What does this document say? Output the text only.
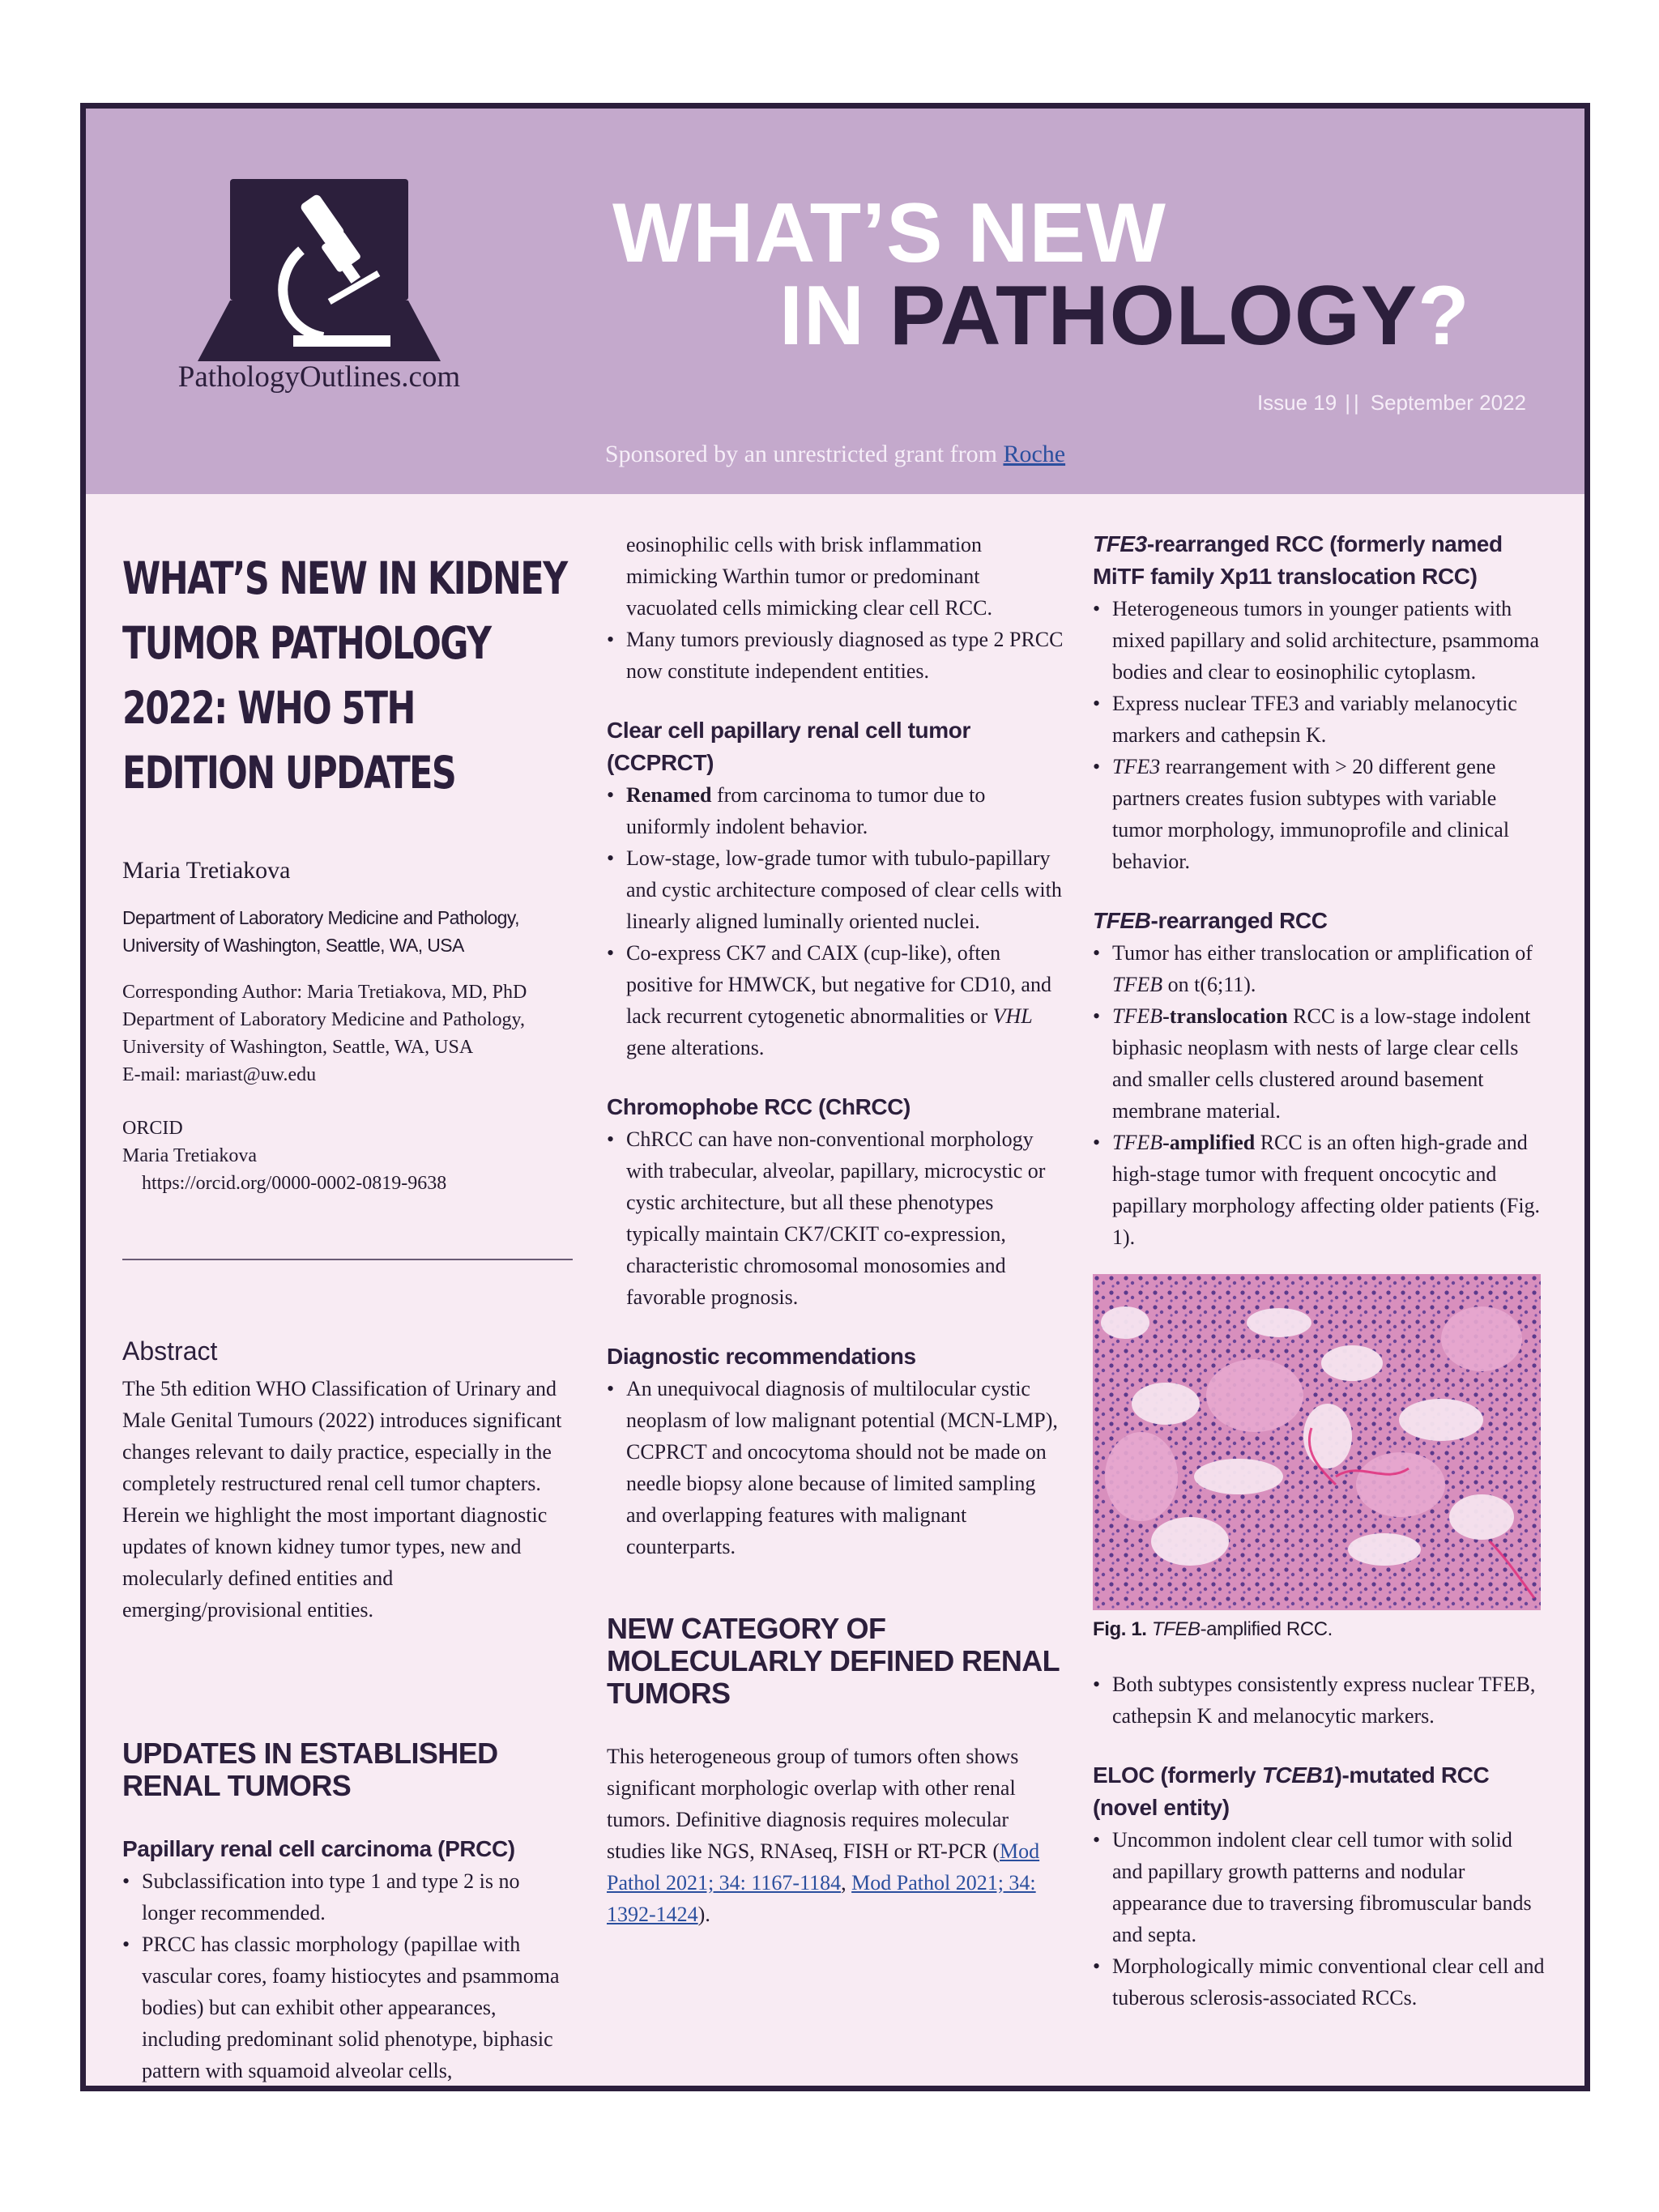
PathologyOutlines.com
WHAT’S NEW
IN PATHOLOGY?
Issue 19 || September 2022
Sponsored by an unrestricted grant from Roche
WHAT’S NEW IN KIDNEY TUMOR PATHOLOGY 2022: WHO 5TH EDITION UPDATES
Maria Tretiakova
Department of Laboratory Medicine and Pathology,
University of Washington, Seattle, WA, USA
Corresponding Author: Maria Tretiakova, MD, PhD
Department of Laboratory Medicine and Pathology,
University of Washington, Seattle, WA, USA
E-mail: mariast@uw.edu
ORCID
Maria Tretiakova
https://orcid.org/0000-0002-0819-9638
Abstract
The 5th edition WHO Classification of Urinary and Male Genital Tumours (2022) introduces significant changes relevant to daily practice, especially in the completely restructured renal cell tumor chapters. Herein we highlight the most important diagnostic updates of known kidney tumor types, new and molecularly defined entities and emerging/provisional entities.
UPDATES IN ESTABLISHED RENAL TUMORS
Papillary renal cell carcinoma (PRCC)
• Subclassification into type 1 and type 2 is no longer recommended.
• PRCC has classic morphology (papillae with vascular cores, foamy histiocytes and psammoma bodies) but can exhibit other appearances, including predominant solid phenotype, biphasic pattern with squamoid alveolar cells,
eosinophilic cells with brisk inflammation mimicking Warthin tumor or predominant vacuolated cells mimicking clear cell RCC.
• Many tumors previously diagnosed as type 2 PRCC now constitute independent entities.
Clear cell papillary renal cell tumor (CCPRCT)
• Renamed from carcinoma to tumor due to uniformly indolent behavior.
• Low-stage, low-grade tumor with tubulo-papillary and cystic architecture composed of clear cells with linearly aligned luminally oriented nuclei.
• Co-express CK7 and CAIX (cup-like), often positive for HMWCK, but negative for CD10, and lack recurrent cytogenetic abnormalities or VHL gene alterations.
Chromophobe RCC (ChRCC)
• ChRCC can have non-conventional morphology with trabecular, alveolar, papillary, microcystic or cystic architecture, but all these phenotypes typically maintain CK7/CKIT co-expression, characteristic chromosomal monosomies and favorable prognosis.
Diagnostic recommendations
• An unequivocal diagnosis of multilocular cystic neoplasm of low malignant potential (MCN-LMP), CCPRCT and oncocytoma should not be made on needle biopsy alone because of limited sampling and overlapping features with malignant counterparts.
NEW CATEGORY OF MOLECULARLY DEFINED RENAL TUMORS
This heterogeneous group of tumors often shows significant morphologic overlap with other renal tumors. Definitive diagnosis requires molecular studies like NGS, RNAseq, FISH or RT-PCR (Mod Pathol 2021; 34: 1167-1184, Mod Pathol 2021; 34: 1392-1424).
TFE3-rearranged RCC (formerly named MiTF family Xp11 translocation RCC)
• Heterogeneous tumors in younger patients with mixed papillary and solid architecture, psammoma bodies and clear to eosinophilic cytoplasm.
• Express nuclear TFE3 and variably melanocytic markers and cathepsin K.
• TFE3 rearrangement with > 20 different gene partners creates fusion subtypes with variable tumor morphology, immunoprofile and clinical behavior.
TFEB-rearranged RCC
• Tumor has either translocation or amplification of TFEB on t(6;11).
• TFEB-translocation RCC is a low-stage indolent biphasic neoplasm with nests of large clear cells and smaller cells clustered around basement membrane material.
• TFEB-amplified RCC is an often high-grade and high-stage tumor with frequent oncocytic and papillary morphology affecting older patients (Fig. 1).
Fig. 1. TFEB-amplified RCC.
• Both subtypes consistently express nuclear TFEB, cathepsin K and melanocytic markers.
ELOC (formerly TCEB1)-mutated RCC (novel entity)
• Uncommon indolent clear cell tumor with solid and papillary growth patterns and nodular appearance due to traversing fibromuscular bands and septa.
• Morphologically mimic conventional clear cell and tuberous sclerosis-associated RCCs.
